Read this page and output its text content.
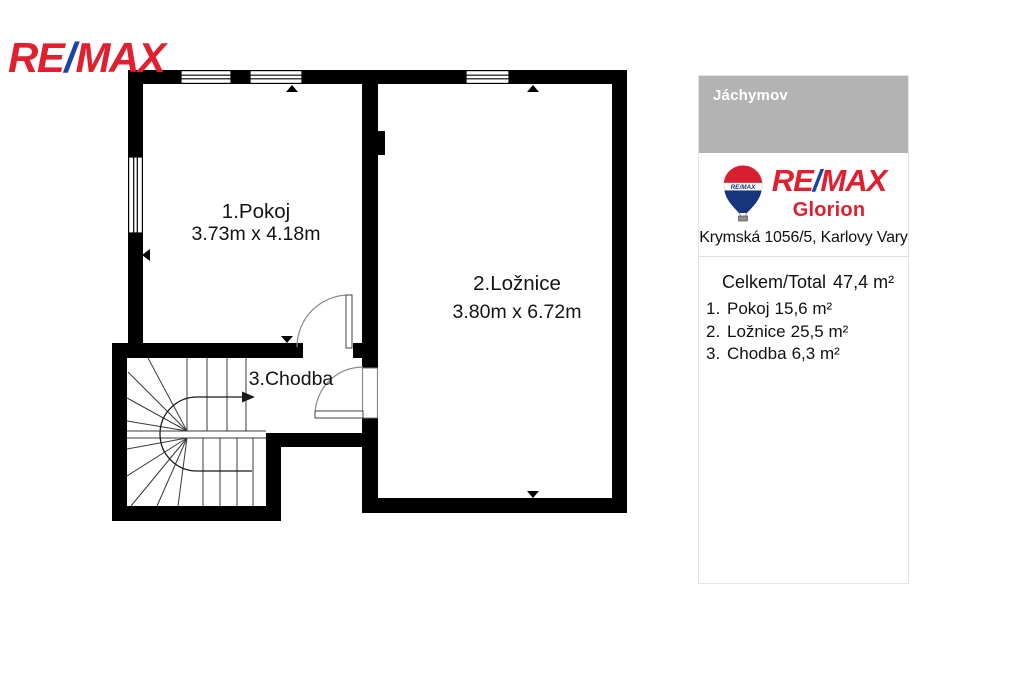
1.Pokoj
3.73m x 4.18m
2.Ložnice
3.80m x 6.72m
3.Chodba
RE/MAX
Jáchymov
RE/MAX RE/MAX
Glorion
Krymská 1056/5, Karlovy Vary
Celkem/Total 47,4 m²
1. Pokoj 15,6
m²
2. Ložnice 25,5
m²
3. Chodba 6,3
m²
